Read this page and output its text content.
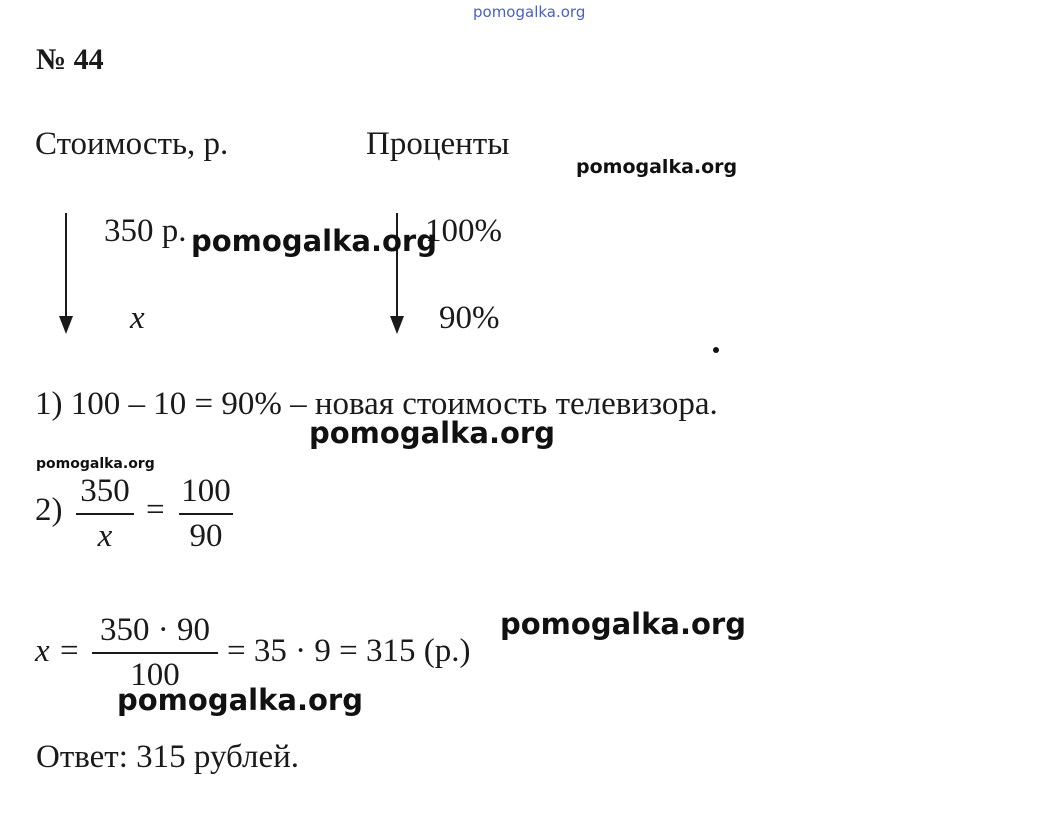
pomogalka.org
№ 44
Стоимость, р.	Проценты
350 р.
x
100%
90%
1) 100 – 10 = 90% – новая стоимость телевизора.
2)
350
x
=
100
90
x =
350 · 90
100
= 35 · 9 = 315 (р.)
Ответ: 315 рублей.
pomogalka.org
pomogalka.org
pomogalka.org
pomogalka.org
pomogalka.org
pomogalka.org
